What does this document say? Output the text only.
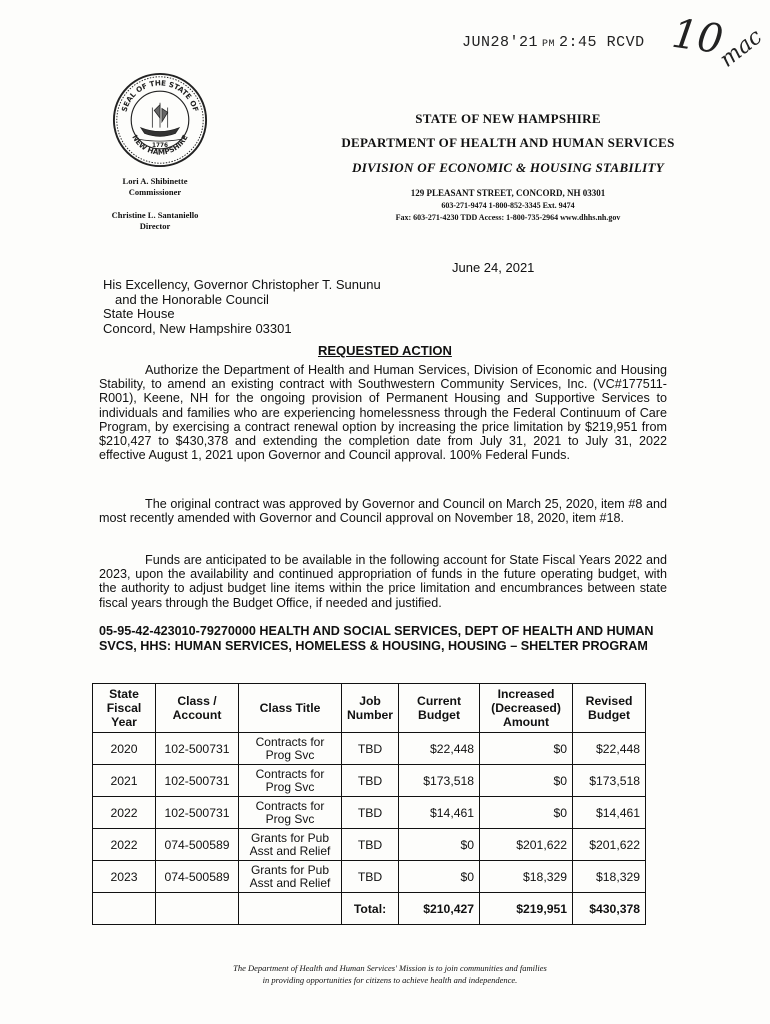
JUN28'21 PM 2:45 RCVD 10
mac
SEAL OF THE STATE OF
NEW HAMPSHIRE
1776
STATE OF NEW HAMPSHIRE
DEPARTMENT OF HEALTH AND HUMAN SERVICES
DIVISION OF ECONOMIC & HOUSING STABILITY
129 PLEASANT STREET, CONCORD, NH 03301
603-271-9474 1-800-852-3345 Ext. 9474
Fax: 603-271-4230 TDD Access: 1-800-735-2964 www.dhhs.nh.gov
Lori A. Shibinette
Commissioner
Christine L. Santaniello
Director
June 24, 2021
His Excellency, Governor Christopher T. Sununu
and the Honorable Council
State House
Concord, New Hampshire 03301
REQUESTED ACTION
Authorize the Department of Health and Human Services, Division of Economic and Housing Stability, to amend an existing contract with Southwestern Community Services, Inc. (VC#177511-R001), Keene, NH for the ongoing provision of Permanent Housing and Supportive Services to individuals and families who are experiencing homelessness through the Federal Continuum of Care Program, by exercising a contract renewal option by increasing the price limitation by $219,951 from $210,427 to $430,378 and extending the completion date from July 31, 2021 to July 31, 2022 effective August 1, 2021 upon Governor and Council approval. 100% Federal Funds.
The original contract was approved by Governor and Council on March 25, 2020, item #8 and most recently amended with Governor and Council approval on November 18, 2020, item #18.
Funds are anticipated to be available in the following account for State Fiscal Years 2022 and 2023, upon the availability and continued appropriation of funds in the future operating budget, with the authority to adjust budget line items within the price limitation and encumbrances between state fiscal years through the Budget Office, if needed and justified.
05-95-42-423010-79270000 HEALTH AND SOCIAL SERVICES, DEPT OF HEALTH AND HUMAN SVCS, HHS: HUMAN SERVICES, HOMELESS & HOUSING, HOUSING – SHELTER PROGRAM
State Fiscal Year	Class / Account	Class Title	Job Number	Current Budget	Increased (Decreased) Amount	Revised Budget
2020	102-500731	Contracts for Prog Svc	TBD	$22,448	$0	$22,448
2021	102-500731	Contracts for Prog Svc	TBD	$173,518	$0	$173,518
2022	102-500731	Contracts for Prog Svc	TBD	$14,461	$0	$14,461
2022	074-500589	Grants for Pub Asst and Relief	TBD	$0	$201,622	$201,622
2023	074-500589	Grants for Pub Asst and Relief	TBD	$0	$18,329	$18,329
			Total:	$210,427	$219,951	$430,378
The Department of Health and Human Services' Mission is to join communities and families
in providing opportunities for citizens to achieve health and independence.
